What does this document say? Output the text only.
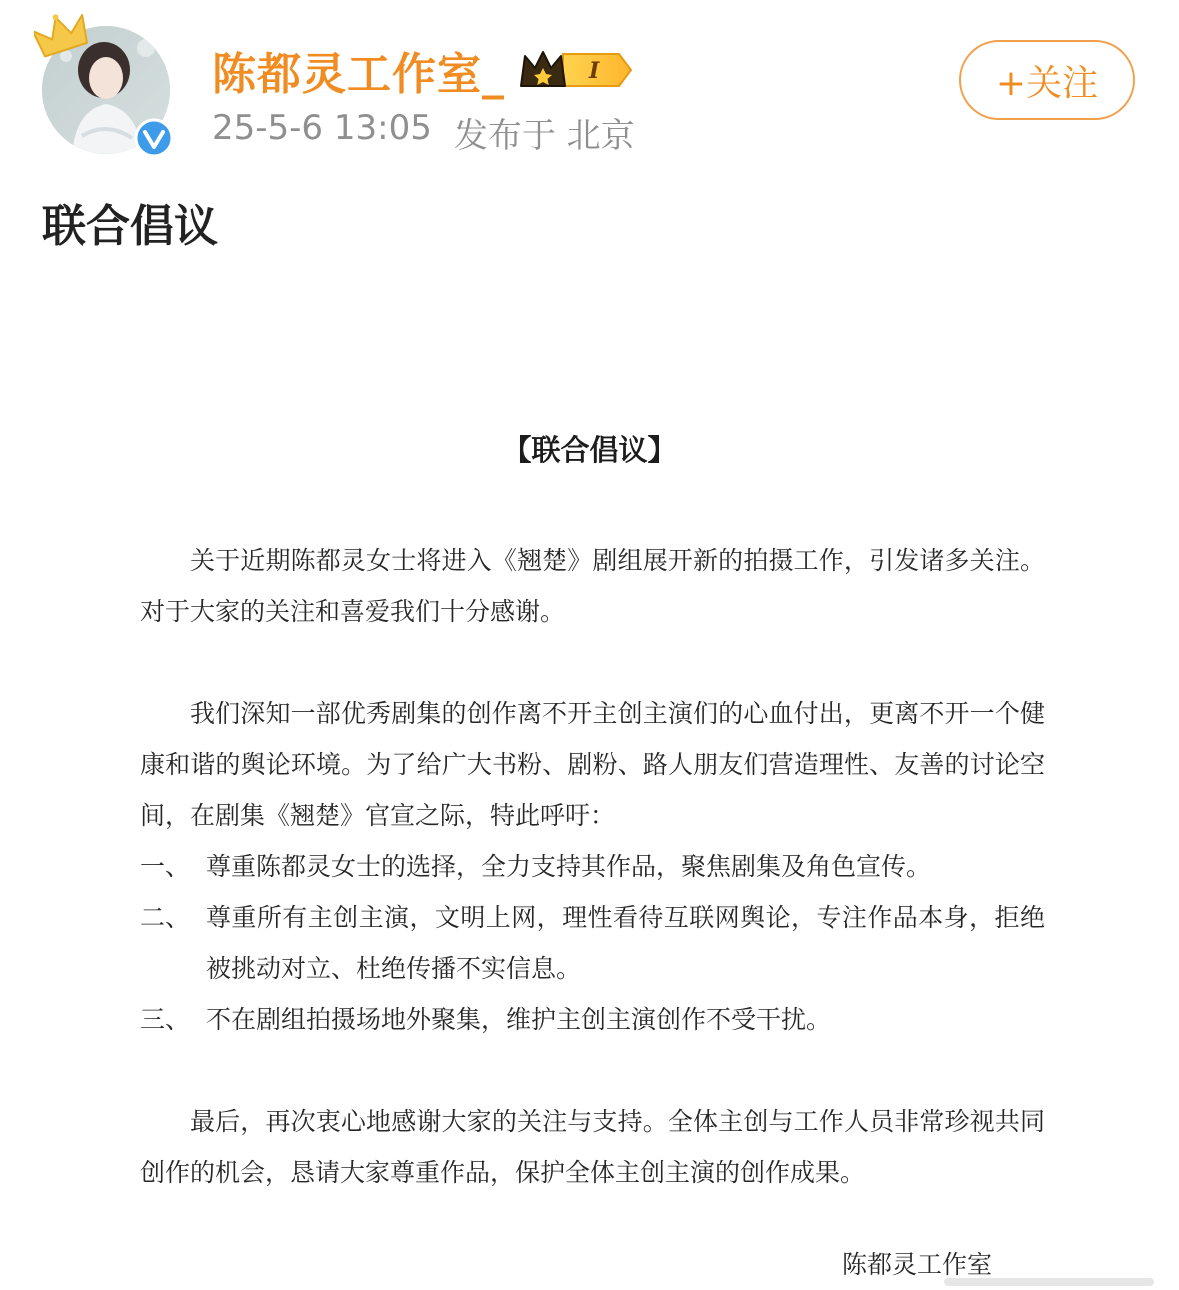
陈都灵工作室_	I
25-5-6 13:05 发布于 北京
+关注
联合倡议
【联合倡议】
关于近期陈都灵女士将进入《翘楚》剧组展开新的拍摄工作，引发诸多关注。对于大家的关注和喜爱我们十分感谢。
我们深知一部优秀剧集的创作离不开主创主演们的心血付出，更离不开一个健康和谐的舆论环境。为了给广大书粉、剧粉、路人朋友们营造理性、友善的讨论空间，在剧集《翘楚》官宣之际，特此呼吁：
一、 尊重陈都灵女士的选择，全力支持其作品，聚焦剧集及角色宣传。
二、 尊重所有主创主演，文明上网，理性看待互联网舆论，专注作品本身，拒绝被挑动对立、杜绝传播不实信息。
三、 不在剧组拍摄场地外聚集，维护主创主演创作不受干扰。
最后，再次衷心地感谢大家的关注与支持。全体主创与工作人员非常珍视共同创作的机会，恳请大家尊重作品，保护全体主创主演的创作成果。
陈都灵工作室
